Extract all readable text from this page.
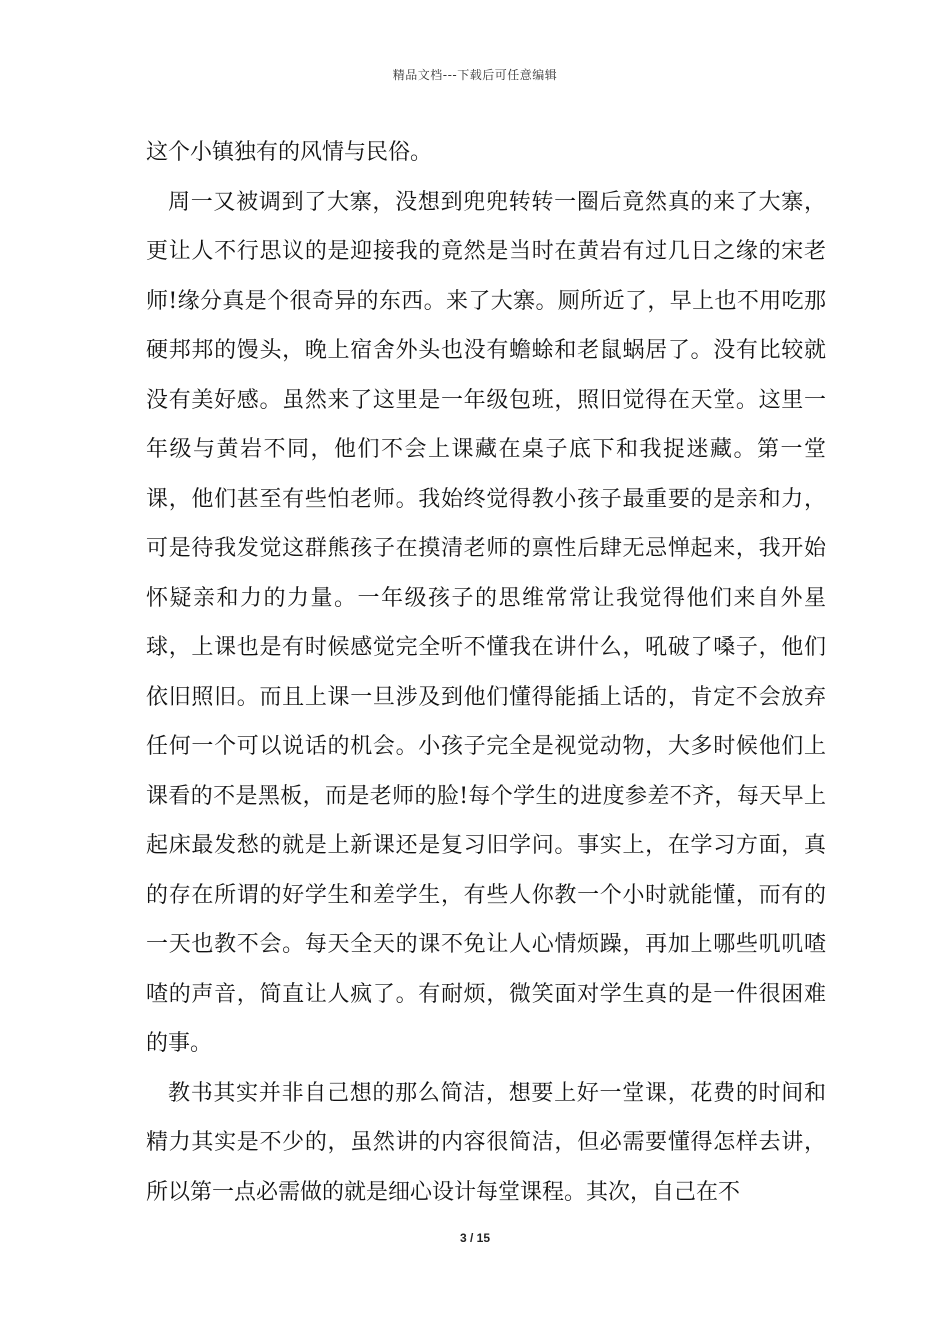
精品文档---下载后可任意编辑

这个小镇独有的风情与民俗。

周一又被调到了大寨，没想到兜兜转转一圈后竟然真的来了大寨，更让人不行思议的是迎接我的竟然是当时在黄岩有过几日之缘的宋老师!缘分真是个很奇异的东西。来了大寨。厕所近了，早上也不用吃那硬邦邦的馒头，晚上宿舍外头也没有蟾蜍和老鼠蜗居了。没有比较就没有美好感。虽然来了这里是一年级包班，照旧觉得在天堂。这里一年级与黄岩不同，他们不会上课藏在桌子底下和我捉迷藏。第一堂课，他们甚至有些怕老师。我始终觉得教小孩子最重要的是亲和力，可是待我发觉这群熊孩子在摸清老师的禀性后肆无忌惮起来，我开始怀疑亲和力的力量。一年级孩子的思维常常让我觉得他们来自外星球，上课也是有时候感觉完全听不懂我在讲什么，吼破了嗓子，他们依旧照旧。而且上课一旦涉及到他们懂得能插上话的，肯定不会放弃任何一个可以说话的机会。小孩子完全是视觉动物，大多时候他们上课看的不是黑板，而是老师的脸!每个学生的进度参差不齐，每天早上起床最发愁的就是上新课还是复习旧学问。事实上，在学习方面，真的存在所谓的好学生和差学生，有些人你教一个小时就能懂，而有的一天也教不会。每天全天的课不免让人心情烦躁，再加上哪些叽叽喳喳的声音，简直让人疯了。有耐烦，微笑面对学生真的是一件很困难的事。

教书其实并非自己想的那么简洁，想要上好一堂课，花费的时间和精力其实是不少的，虽然讲的内容很简洁，但必需要懂得怎样去讲，所以第一点必需做的就是细心设计每堂课程。其次，自己在不

3 / 15
